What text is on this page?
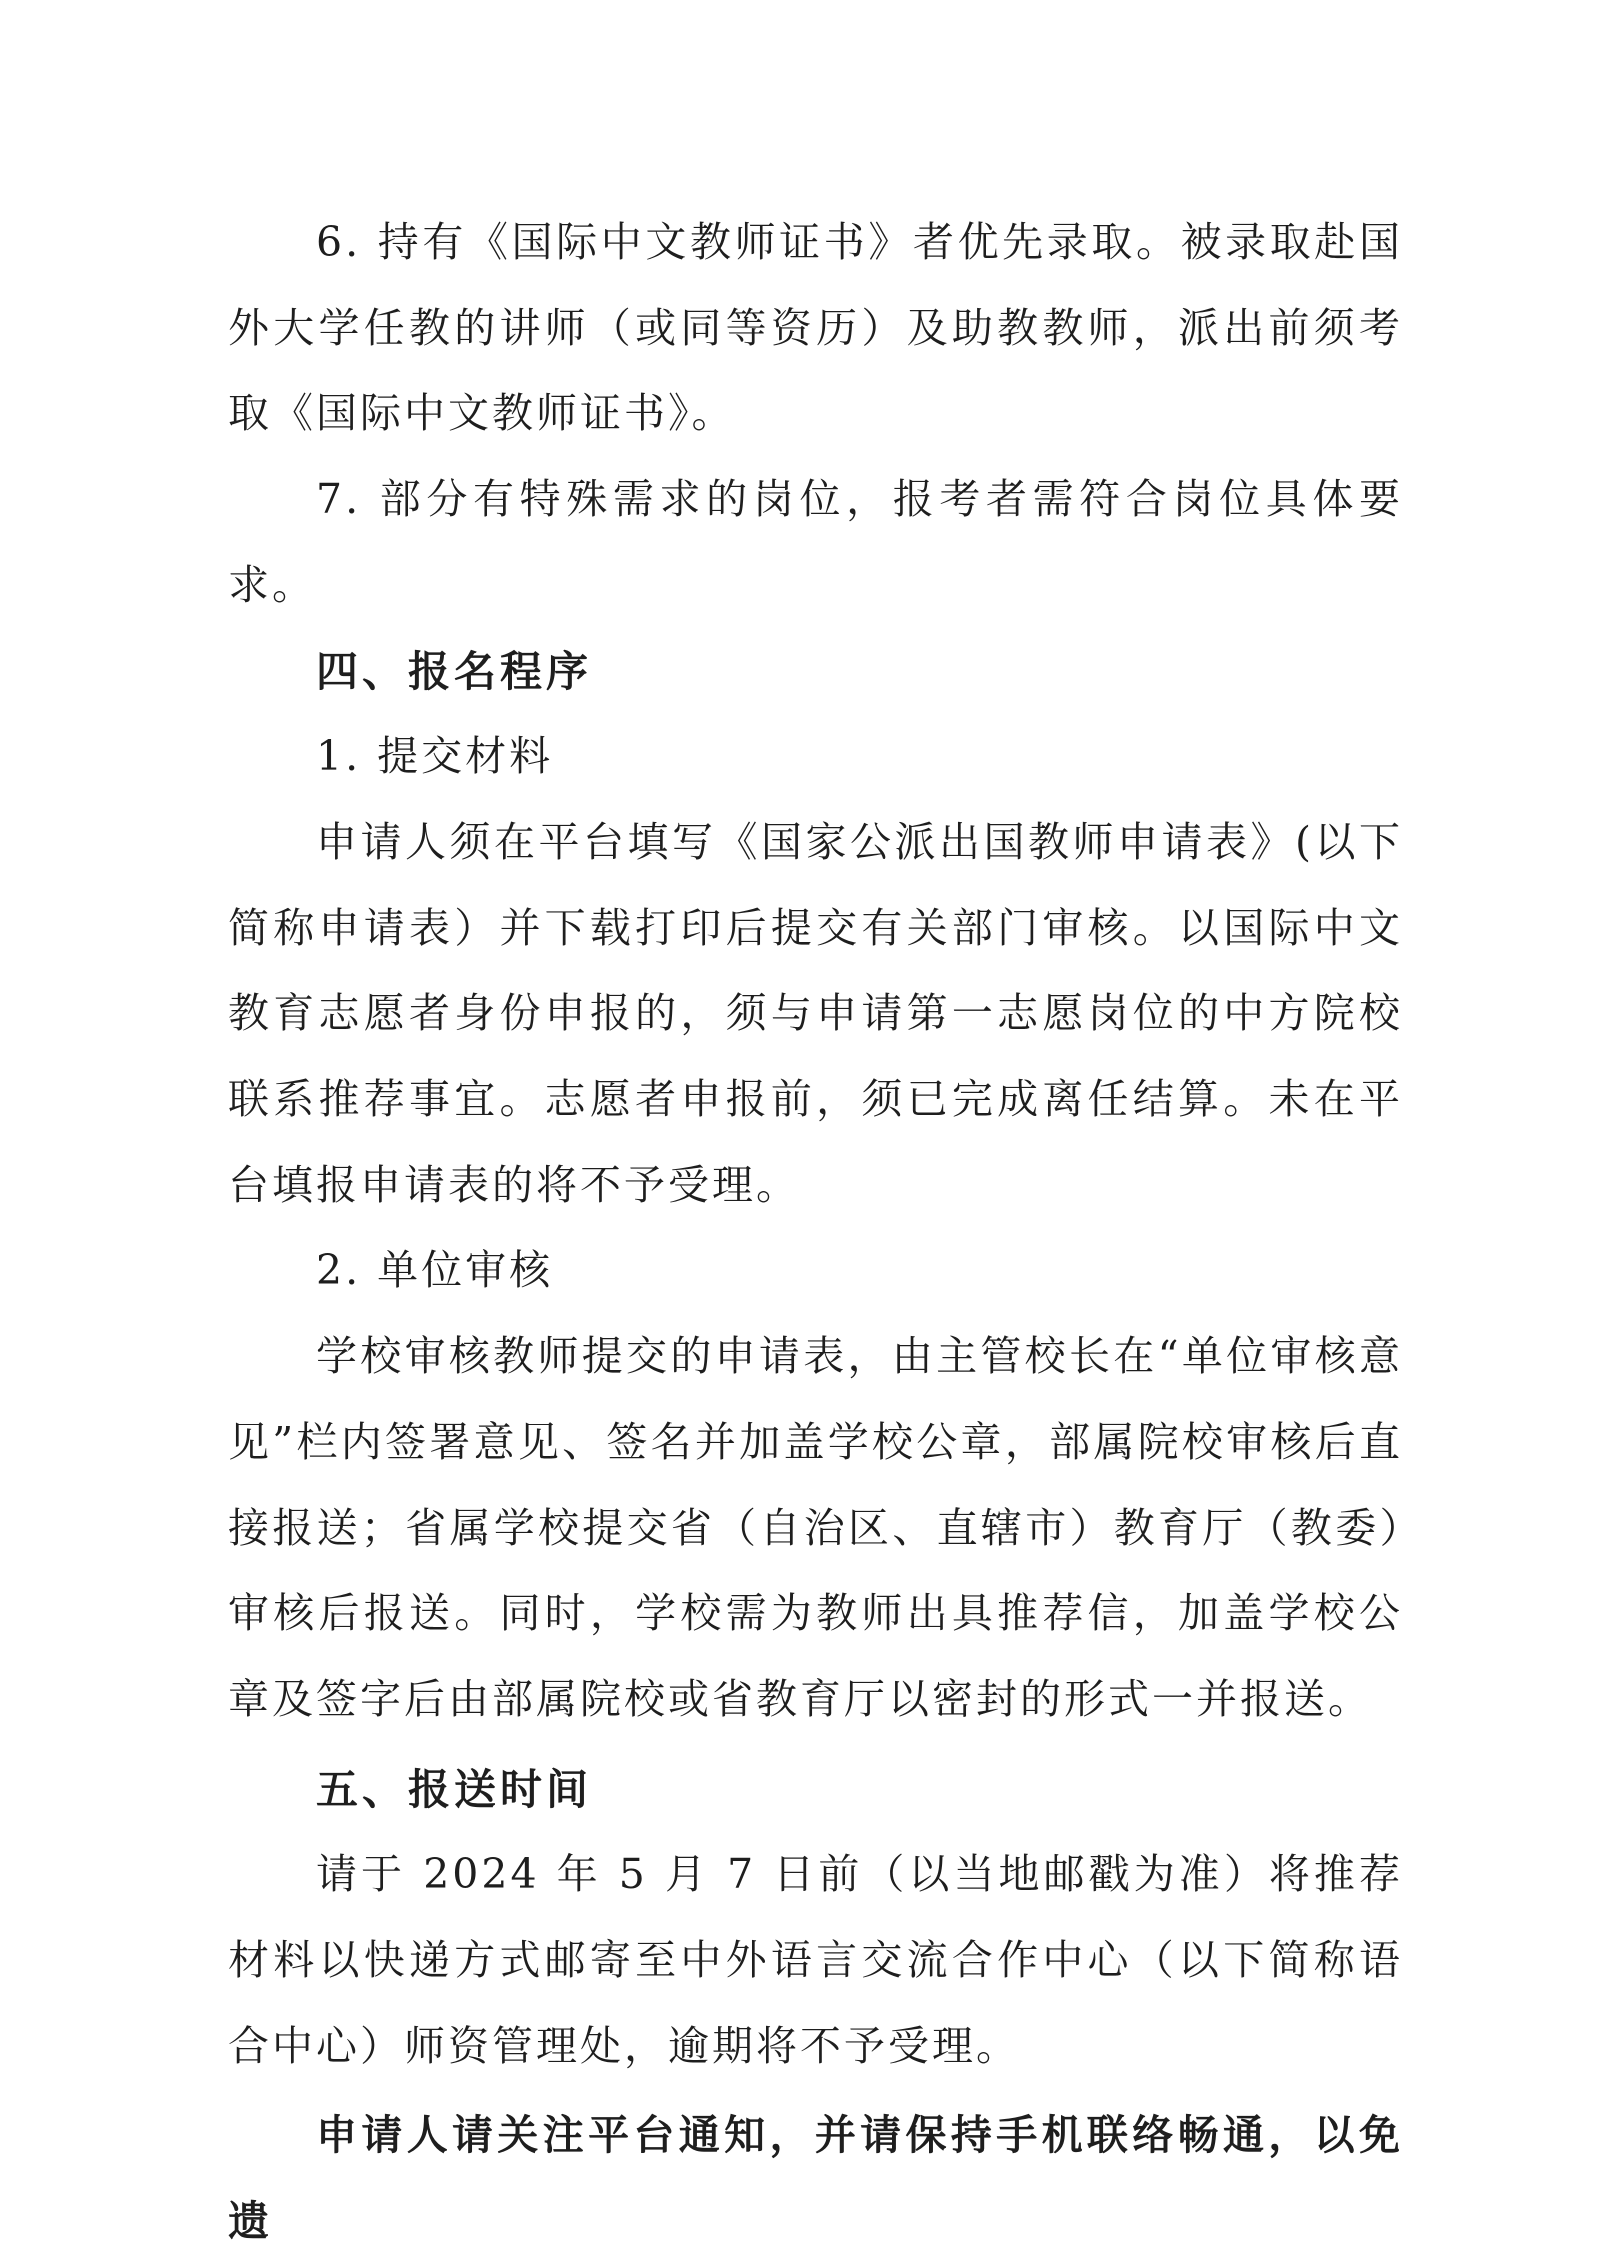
6. 持有《国际中文教师证书》者优先录取。被录取赴国外大学任教的讲师（或同等资历）及助教教师，派出前须考取《国际中文教师证书》。

7. 部分有特殊需求的岗位，报考者需符合岗位具体要求。

四、报名程序

1. 提交材料

申请人须在平台填写《国家公派出国教师申请表》(以下简称申请表）并下载打印后提交有关部门审核。以国际中文教育志愿者身份申报的，须与申请第一志愿岗位的中方院校联系推荐事宜。志愿者申报前，须已完成离任结算。未在平台填报申请表的将不予受理。

2. 单位审核

学校审核教师提交的申请表，由主管校长在“单位审核意见”栏内签署意见、签名并加盖学校公章，部属院校审核后直接报送；省属学校提交省（自治区、直辖市）教育厅（教委）审核后报送。同时，学校需为教师出具推荐信，加盖学校公章及签字后由部属院校或省教育厅以密封的形式一并报送。

五、报送时间

请于 2024 年 5 月 7 日前（以当地邮戳为准）将推荐材料以快递方式邮寄至中外语言交流合作中心（以下简称语合中心）师资管理处，逾期将不予受理。

申请人请关注平台通知，并请保持手机联络畅通，以免遗
